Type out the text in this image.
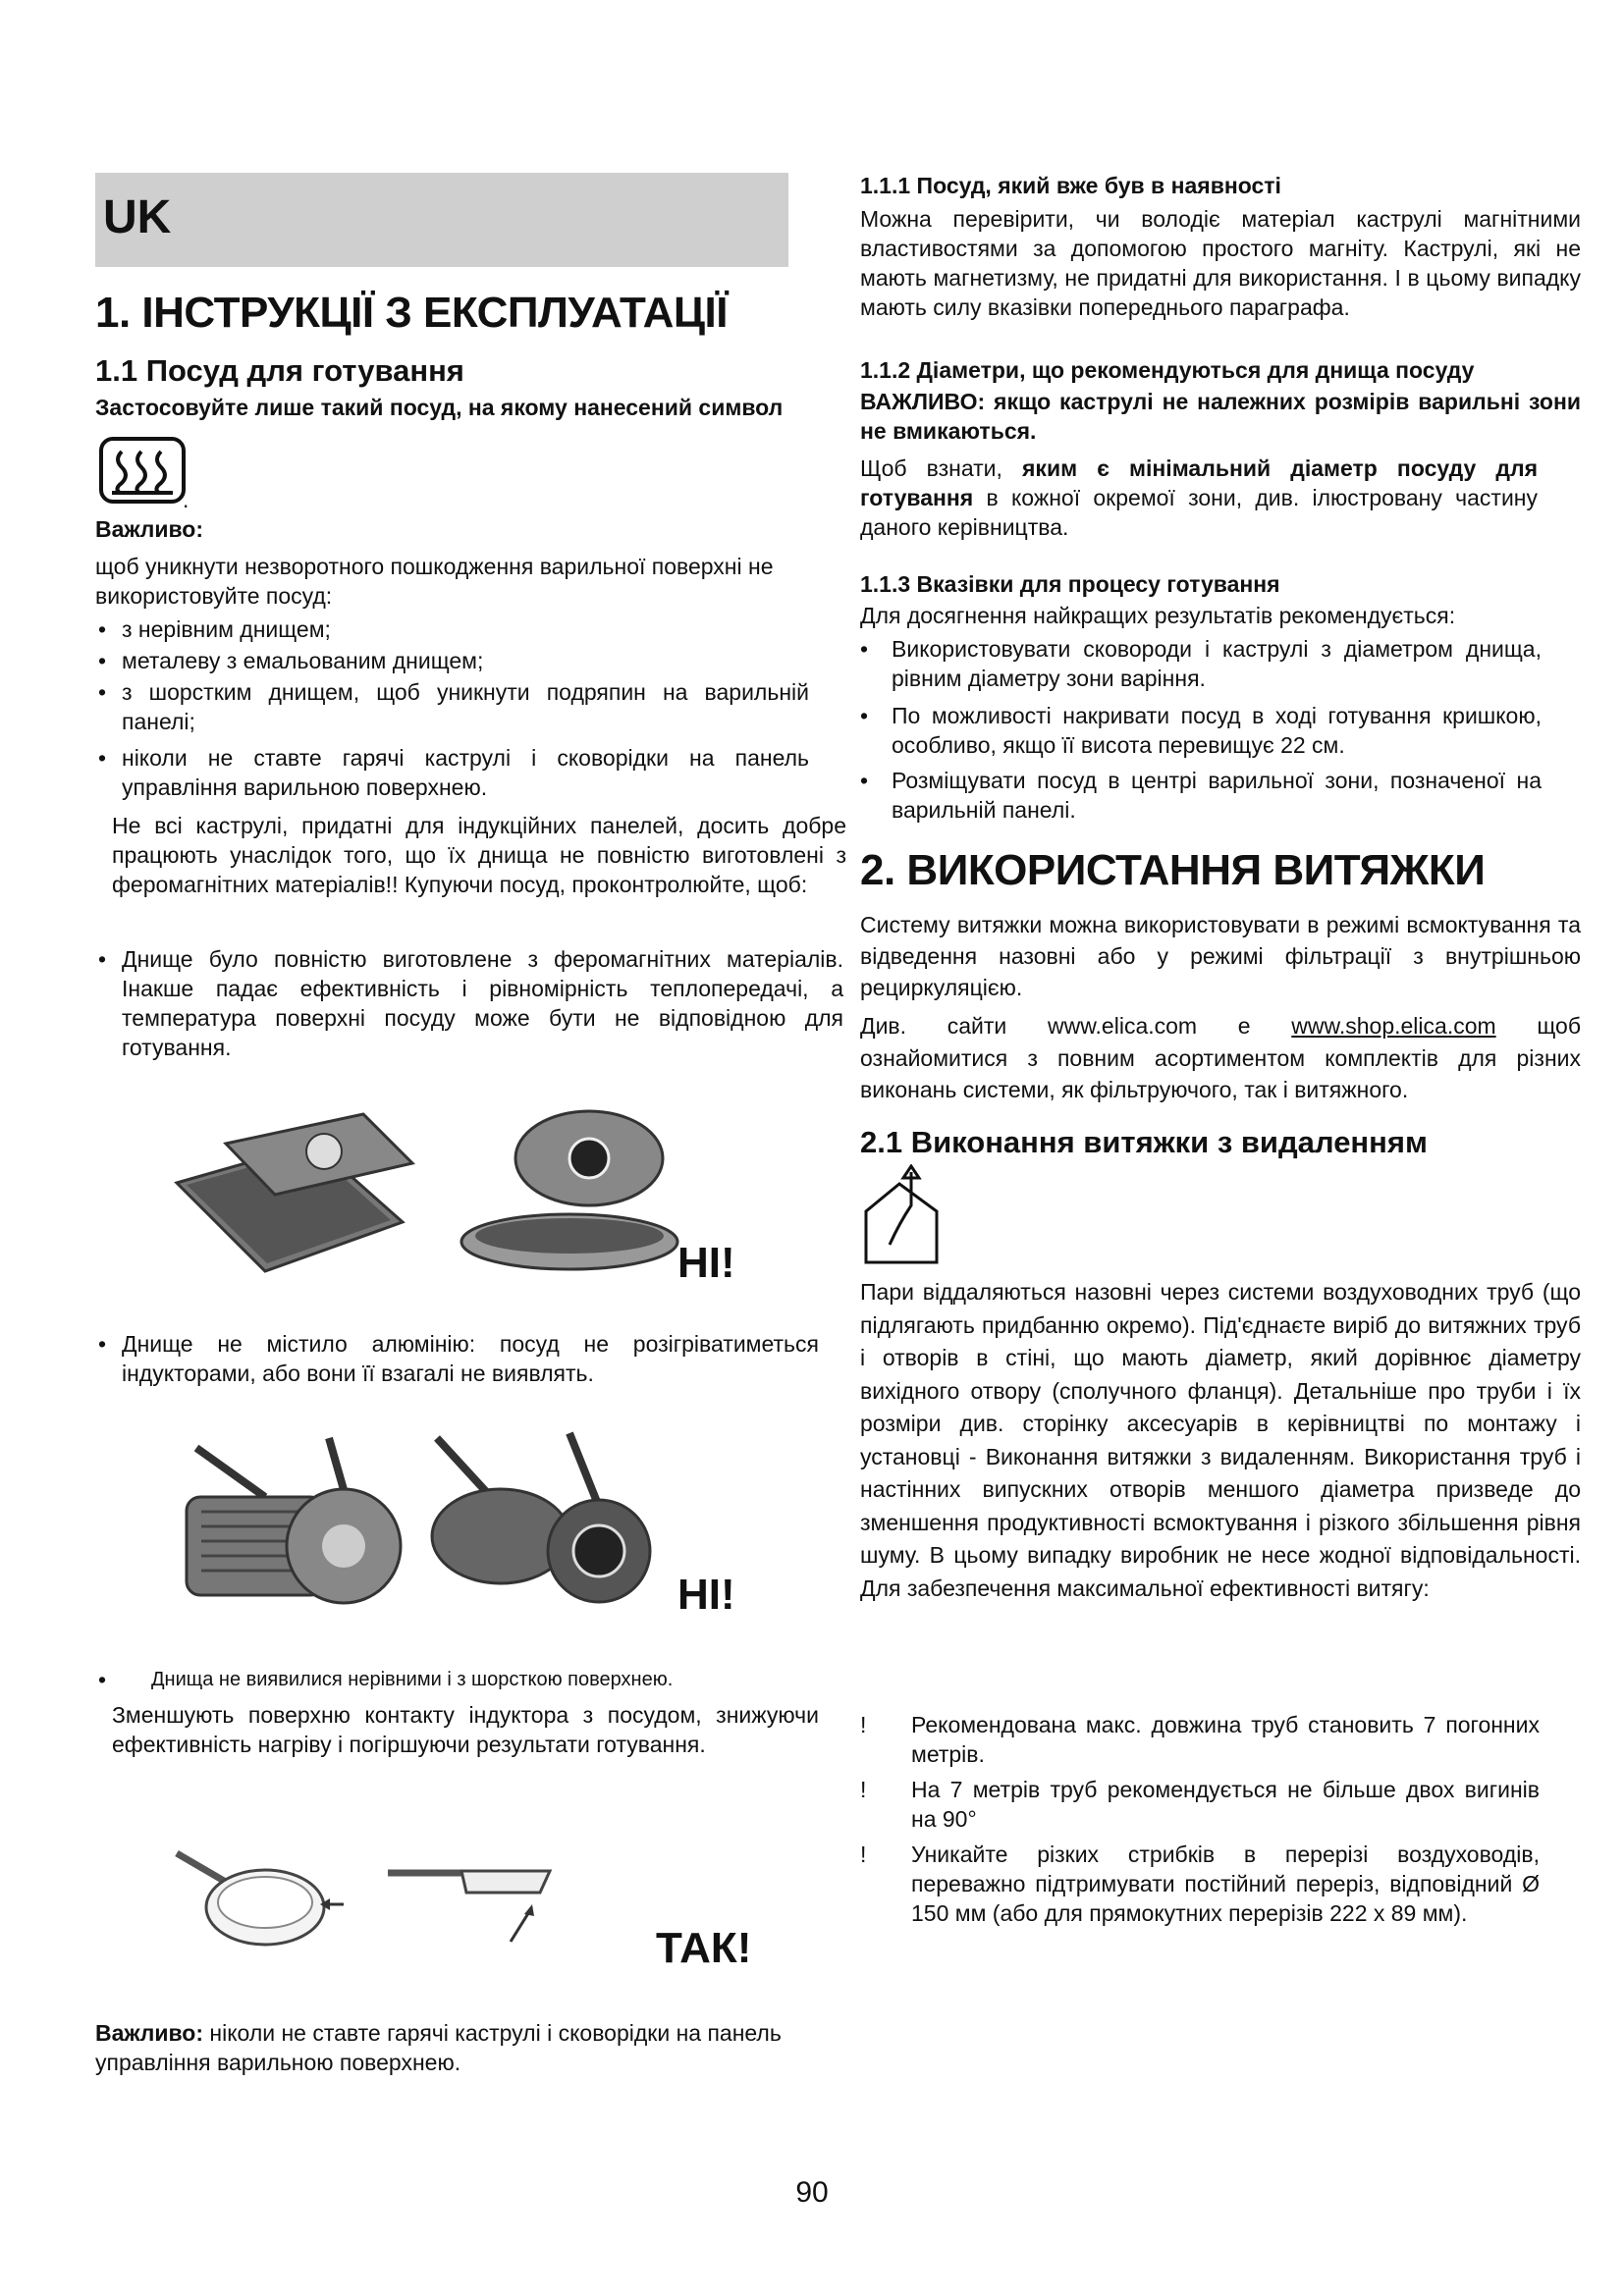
UK
1. ІНСТРУКЦІЇ З ЕКСПЛУАТАЦІЇ
1.1 Посуд для готування
Застосовуйте лише такий посуд, на якому нанесений символ
.
Важливо:
щоб уникнути незворотного пошкодження варильної поверхні не використовуйте посуд:
• з нерівним днищем;
• металеву з емальованим днищем;
• з шорстким днищем, щоб уникнути подряпин на варильній панелі;
• ніколи не ставте гарячі каструлі і сковорідки на панель управління варильною поверхнею.
Не всі каструлі, придатні для індукційних панелей, досить добре працюють унаслідок того, що їх днища не повністю виготовлені з феромагнітних матеріалів!! Купуючи посуд, проконтролюйте, щоб:
• Днище було повністю виготовлене з феромагнітних матеріалів. Інакше падає ефективність і рівномірність теплопередачі, а температура поверхні посуду може бути не відповідною для готування.
НІ!
• Днище не містило алюмінію: посуд не розігріватиметься індукторами, або вони її взагалі не виявлять.
НІ!
• Днища не виявилися нерівними і з шорсткою поверхнею.
Зменшують поверхню контакту індуктора з посудом, знижуючи ефективність нагріву і погіршуючи результати готування.
ТАК!
Важливо: ніколи не ставте гарячі каструлі і сковорідки на панель управління варильною поверхнею.
1.1.1 Посуд, який вже був в наявності
Можна перевірити, чи володіє матеріал каструлі магнітними властивостями за допомогою простого магніту. Каструлі, які не мають магнетизму, не придатні для використання. І в цьому випадку мають силу вказівки попереднього параграфа.
1.1.2 Діаметри, що рекомендуються для днища посуду
ВАЖЛИВО: якщо каструлі не належних розмірів варильні зони не вмикаються.
Щоб взнати, яким є мінімальний діаметр посуду для готування в кожної окремої зони, див. ілюстровану частину даного керівництва.
1.1.3 Вказівки для процесу готування
Для досягнення найкращих результатів рекомендується:
• Використовувати сковороди і каструлі з діаметром днища, рівним діаметру зони варіння.
• По можливості накривати посуд в ході готування кришкою, особливо, якщо її висота перевищує 22 см.
• Розміщувати посуд в центрі варильної зони, позначеної на варильній панелі.
2. ВИКОРИСТАННЯ ВИТЯЖКИ
Систему витяжки можна використовувати в режимі всмоктування та відведення назовні або у режимі фільтрації з внутрішньою рециркуляцією.
Див. сайти www.elica.com е www.shop.elica.com щоб
ознайомитися з повним асортиментом комплектів для різних виконань системи, як фільтруючого, так і витяжного.
2.1 Виконання витяжки з видаленням
Пари віддаляються назовні через системи воздуховодних труб (що підлягають придбанню окремо). Під'єднаєте виріб до витяжних труб і отворів в стіні, що мають діаметр, який дорівнює діаметру вихідного отвору (сполучного фланця). Детальніше про труби і їх розміри див. сторінку аксесуарів в керівництві по монтажу і установці - Виконання витяжки з видаленням. Використання труб і настінних випускних отворів меншого діаметра призведе до зменшення продуктивності всмоктування і різкого збільшення рівня шуму. В цьому випадку виробник не несе жодної відповідальності. Для забезпечення максимальної ефективності витягу:
! Рекомендована макс. довжина труб становить 7 погонних метрів.
! На 7 метрів труб рекомендується не більше двох вигинів на 90°
! Уникайте різких стрибків в перерізі воздуховодів, переважно підтримувати постійний переріз, відповідний Ø 150 мм (або для прямокутних перерізів 222 х 89 мм).
90
